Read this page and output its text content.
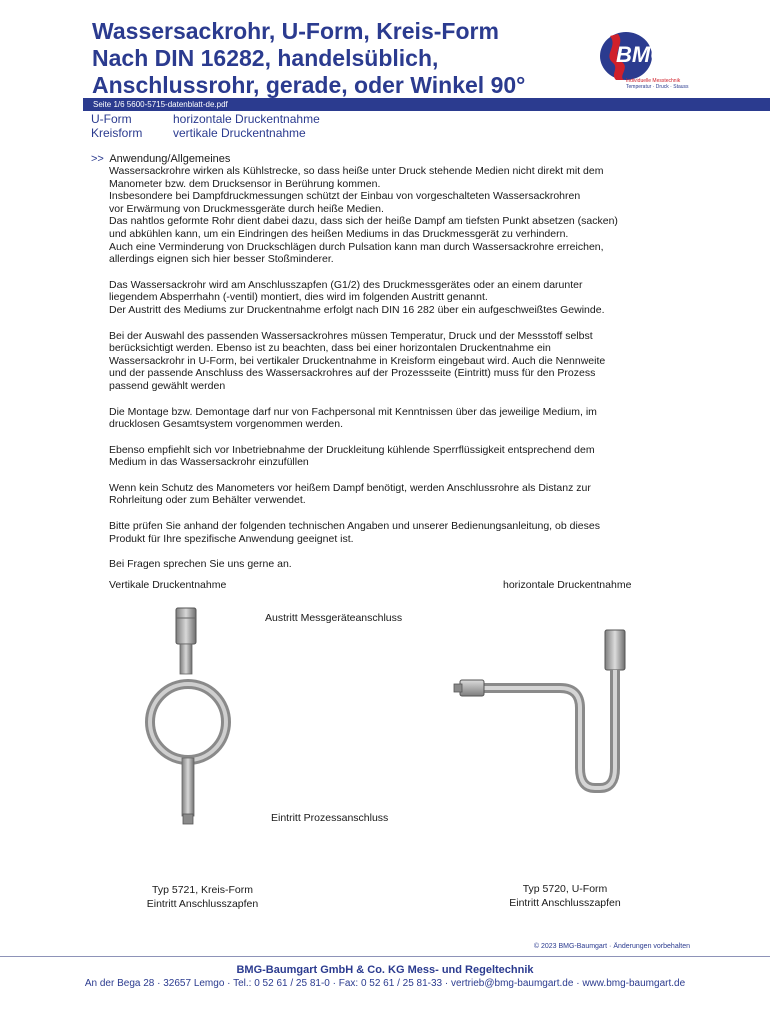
Wassersackrohr, U-Form, Kreis-Form
Nach DIN 16282, handelsüblich,
Anschlussrohr, gerade, oder Winkel 90°
BMG
Individuelle Messtechnik
Temperatur · Druck · Stauss
Seite 1/6 5600-5715-datenblatt-de.pdf
U-Form	horizontale Druckentnahme
Kreisform	vertikale Druckentnahme
>> Anwendung/Allgemeines

Wassersackrohre wirken als Kühlstrecke, so dass heiße unter Druck stehende Medien nicht direkt mit dem
Manometer bzw. dem Drucksensor in Berührung kommen.
Insbesondere bei Dampfdruckmessungen schützt der Einbau von vorgeschalteten Wassersackrohren
vor Erwärmung von Druckmessgeräte durch heiße Medien.
Das nahtlos geformte Rohr dient dabei dazu, dass sich der heiße Dampf am tiefsten Punkt absetzen (sacken)
und abkühlen kann, um ein Eindringen des heißen Mediums in das Druckmessgerät zu verhindern.
Auch eine Verminderung von Druckschlägen durch Pulsation kann man durch Wassersackrohre erreichen,
allerdings eignen sich hier besser Stoßminderer.

Das Wassersackrohr wird am Anschlusszapfen (G1/2) des Druckmessgerätes oder an einem darunter
liegendem Absperrhahn (-ventil) montiert, dies wird im folgenden Austritt genannt.
Der Austritt des Mediums zur Druckentnahme erfolgt nach DIN 16 282 über ein aufgeschweißtes Gewinde.

Bei der Auswahl des passenden Wassersackrohres müssen Temperatur, Druck und der Messstoff selbst
berücksichtigt werden. Ebenso ist zu beachten, dass bei einer horizontalen Druckentnahme ein
Wassersackrohr in U-Form, bei vertikaler Druckentnahme in Kreisform eingebaut wird. Auch die Nennweite
und der passende Anschluss des Wassersackrohres auf der Prozessseite (Eintritt) muss für den Prozess
passend gewählt werden

Die Montage bzw. Demontage darf nur von Fachpersonal mit Kenntnissen über das jeweilige Medium, im
drucklosen Gesamtsystem vorgenommen werden.

Ebenso empfiehlt sich vor Inbetriebnahme der Druckleitung kühlende Sperrflüssigkeit entsprechend dem
Medium in das Wassersackrohr einzufüllen

Wenn kein Schutz des Manometers vor heißem Dampf benötigt, werden Anschlussrohre als Distanz zur
Rohrleitung oder zum Behälter verwendet.

Bitte prüfen Sie anhand der folgenden technischen Angaben und unserer Bedienungsanleitung, ob dieses
Produkt für Ihre spezifische Anwendung geeignet ist.

Bei Fragen sprechen Sie uns gerne an.

Vertikale Druckentnahme	horizontale Druckentnahme
Austritt Messgeräteanschluss
Eintritt Prozessanschluss
Typ 5721, Kreis-Form
Eintritt Anschlusszapfen
Typ 5720, U-Form
Eintritt Anschlusszapfen
© 2023 BMG-Baumgart · Änderungen vorbehalten
BMG-Baumgart GmbH & Co. KG Mess- und Regeltechnik
An der Bega 28 · 32657 Lemgo · Tel.: 0 52 61 / 25 81-0 · Fax: 0 52 61 / 25 81-33 · vertrieb@bmg-baumgart.de · www.bmg-baumgart.de
